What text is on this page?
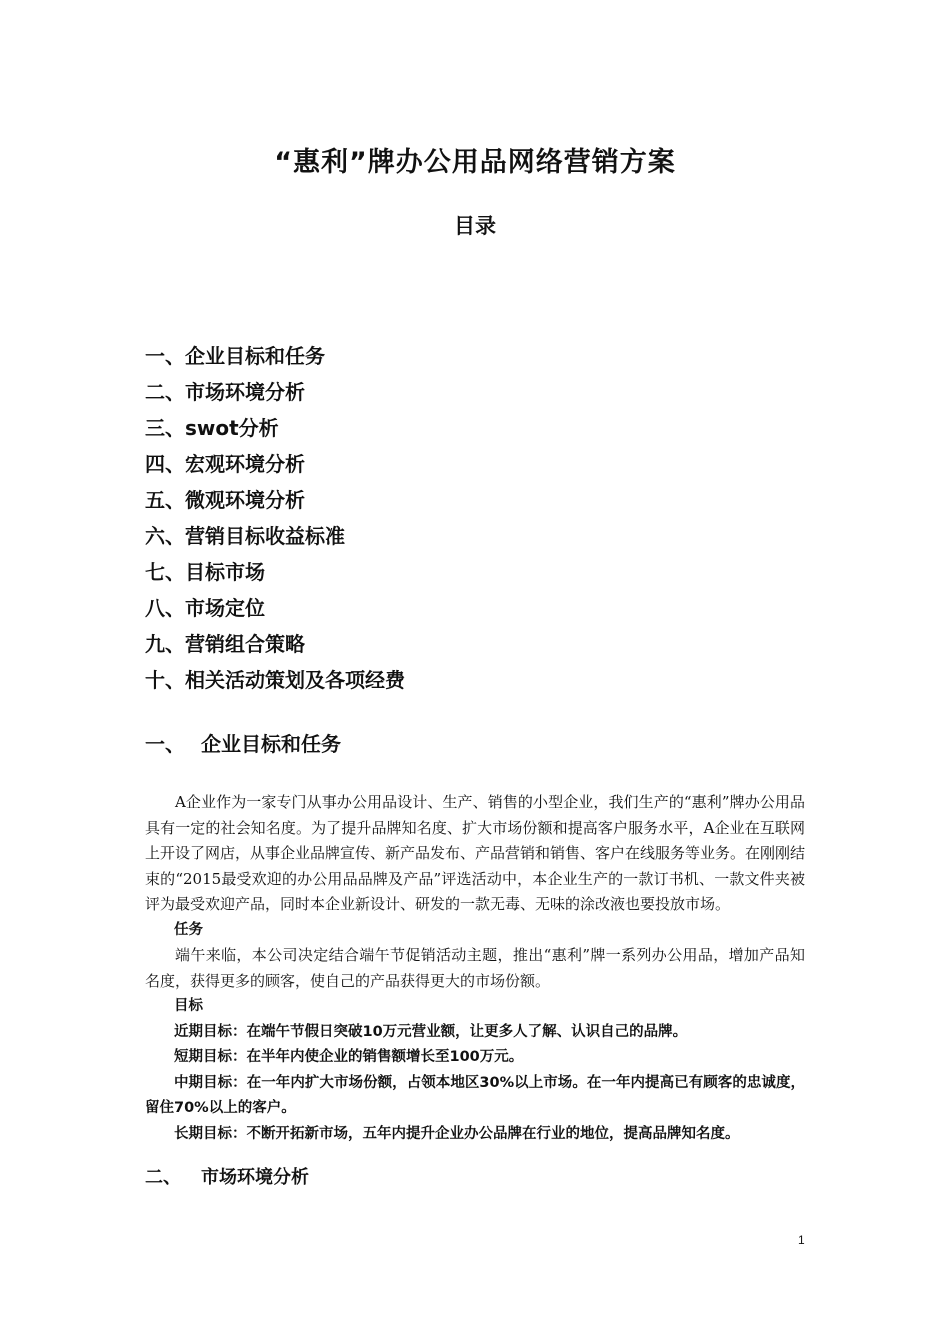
“惠利”牌办公用品网络营销方案
目录
一、企业目标和任务
二、市场环境分析
三、swot分析
四、宏观环境分析
五、微观环境分析
六、营销目标收益标准
七、目标市场
八、市场定位
九、营销组合策略
十、相关活动策划及各项经费
一、 企业目标和任务

A企业作为一家专门从事办公用品设计、生产、销售的小型企业，我们生产的“惠利”牌办公用品具有一定的社会知名度。为了提升品牌知名度、扩大市场份额和提高客户服务水平，A企业在互联网上开设了网店，从事企业品牌宣传、新产品发布、产品营销和销售、客户在线服务等业务。在刚刚结束的“2015最受欢迎的办公用品品牌及产品”评选活动中，本企业生产的一款订书机、一款文件夹被评为最受欢迎产品，同时本企业新设计、研发的一款无毒、无味的涂改液也要投放市场。

任务

端午来临，本公司决定结合端午节促销活动主题，推出“惠利”牌一系列办公用品，增加产品知名度，获得更多的顾客，使自己的产品获得更大的市场份额。

目标

近期目标：在端午节假日突破10万元营业额，让更多人了解、认识自己的品牌。

短期目标：在半年内使企业的销售额增长至100万元。

中期目标：在一年内扩大市场份额，占领本地区30%以上市场。在一年内提高已有顾客的忠诚度，留住70%以上的客户。

长期目标：不断开拓新市场，五年内提升企业办公品牌在行业的地位，提高品牌知名度。

二、 市场环境分析
1
